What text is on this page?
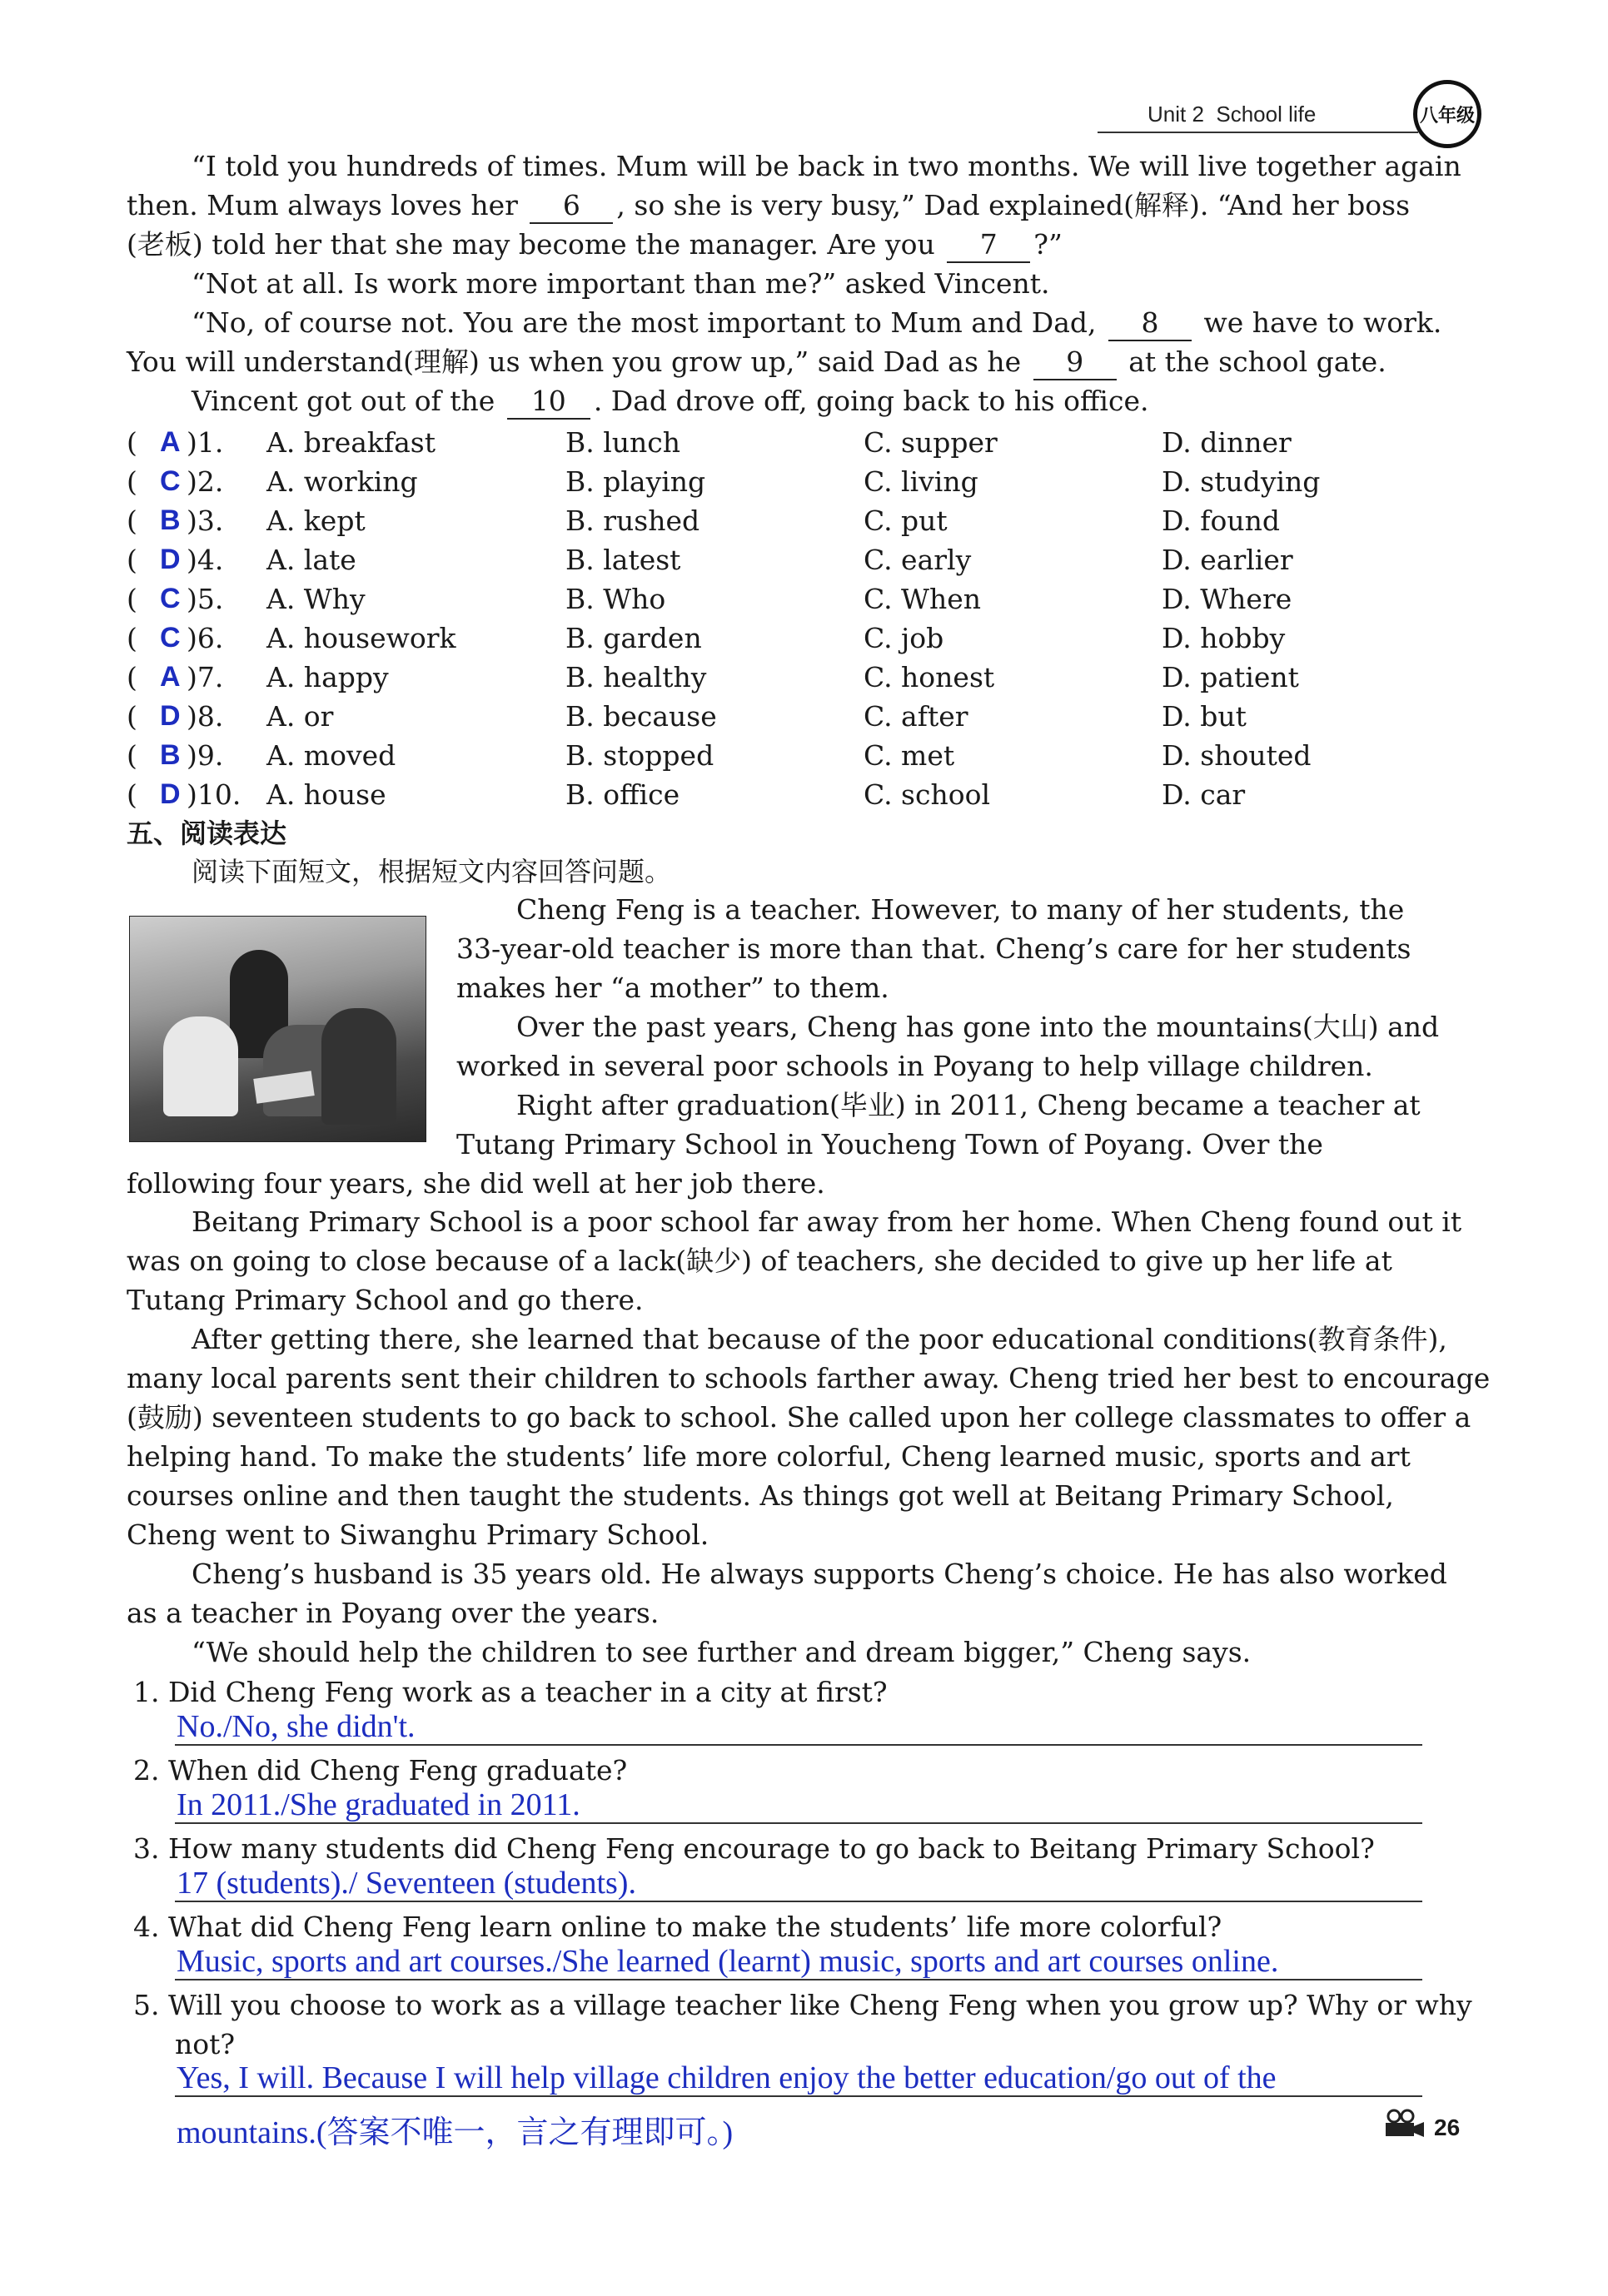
Unit 2 School life	八年级
“I told you hundreds of times. Mum will be back in two months. We will live together again
then. Mum always loves her 6 , so she is very busy,” Dad explained(解释). “And her boss
(老板) told her that she may become the manager. Are you 7 ?”
“Not at all. Is work more important than me?” asked Vincent.
“No, of course not. You are the most important to Mum and Dad, 8 we have to work.
You will understand(理解) us when you grow up,” said Dad as he 9 at the school gate.
Vincent got out of the 10 . Dad drove off, going back to his office.
( A )1. A. breakfast	B. lunch	C. supper	D. dinner
( C )2. A. working	B. playing	C. living	D. studying
( B )3. A. kept	B. rushed	C. put	D. found
( D )4. A. late	B. latest	C. early	D. earlier
( C )5. A. Why	B. Who	C. When	D. Where
( C )6. A. housework	B. garden	C. job	D. hobby
( A )7. A. happy	B. healthy	C. honest	D. patient
( D )8. A. or	B. because	C. after	D. but
( B )9. A. moved	B. stopped	C. met	D. shouted
( D )10. A. house	B. office	C. school	D. car
五、阅读表达
阅读下面短文，根据短文内容回答问题。
Cheng Feng is a teacher. However, to many of her students, the
33-year-old teacher is more than that. Cheng’s care for her students
makes her “a mother” to them.
Over the past years, Cheng has gone into the mountains(大山) and
worked in several poor schools in Poyang to help village children.
Right after graduation(毕业) in 2011, Cheng became a teacher at
Tutang Primary School in Youcheng Town of Poyang. Over the
following four years, she did well at her job there.
Beitang Primary School is a poor school far away from her home. When Cheng found out it
was on going to close because of a lack(缺少) of teachers, she decided to give up her life at
Tutang Primary School and go there.
After getting there, she learned that because of the poor educational conditions(教育条件),
many local parents sent their children to schools farther away. Cheng tried her best to encourage
(鼓励) seventeen students to go back to school. She called upon her college classmates to offer a
helping hand. To make the students’ life more colorful, Cheng learned music, sports and art
courses online and then taught the students. As things got well at Beitang Primary School,
Cheng went to Siwanghu Primary School.
Cheng’s husband is 35 years old. He always supports Cheng’s choice. He has also worked
as a teacher in Poyang over the years.
“We should help the children to see further and dream bigger,” Cheng says.
1. Did Cheng Feng work as a teacher in a city at first?
No./No, she didn't.
2. When did Cheng Feng graduate?
In 2011./She graduated in 2011.
3. How many students did Cheng Feng encourage to go back to Beitang Primary School?
17 (students)./ Seventeen (students).
4. What did Cheng Feng learn online to make the students’ life more colorful?
Music, sports and art courses./She learned (learnt) music, sports and art courses online.
5. Will you choose to work as a village teacher like Cheng Feng when you grow up? Why or why
not?
Yes, I will. Because I will help village children enjoy the better education/go out of the
mountains.(答案不唯一，言之有理即可。)	26
